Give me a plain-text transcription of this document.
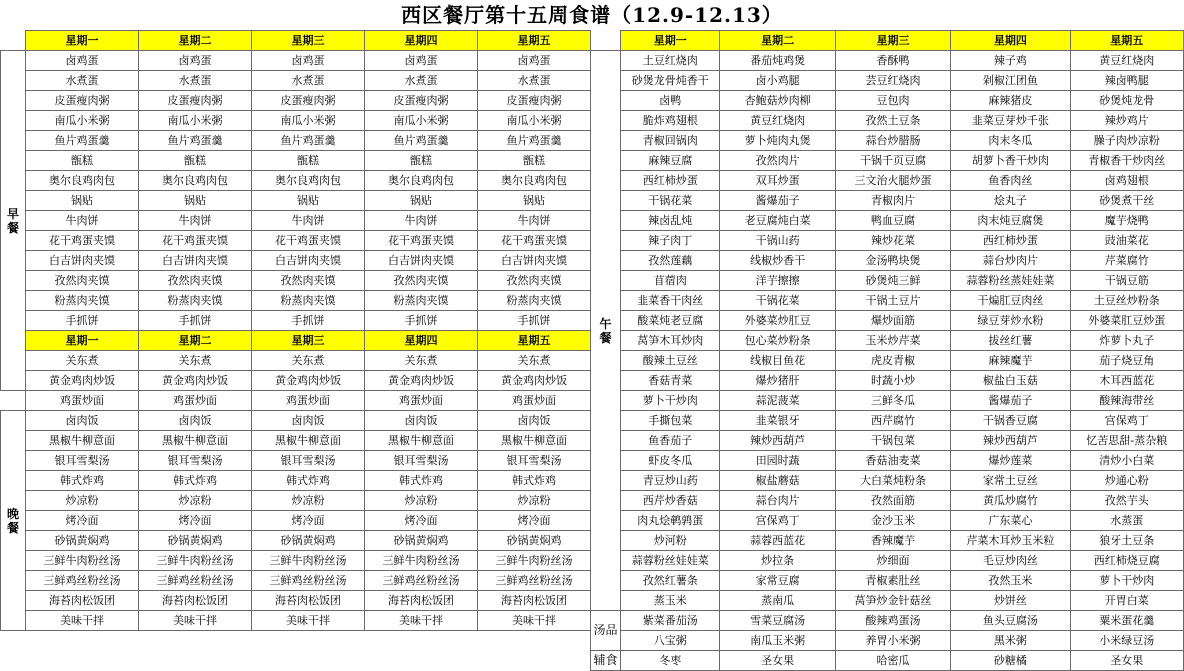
西区餐厅第十五周食谱（12.9-12.13）
	星期一	星期二	星期三	星期四	星期五

早餐	卤鸡蛋	卤鸡蛋	卤鸡蛋	卤鸡蛋	卤鸡蛋
	水煮蛋	水煮蛋	水煮蛋	水煮蛋	水煮蛋
	皮蛋瘦肉粥	皮蛋瘦肉粥	皮蛋瘦肉粥	皮蛋瘦肉粥	皮蛋瘦肉粥
	南瓜小米粥	南瓜小米粥	南瓜小米粥	南瓜小米粥	南瓜小米粥
	鱼片鸡蛋羹	鱼片鸡蛋羹	鱼片鸡蛋羹	鱼片鸡蛋羹	鱼片鸡蛋羹
	甑糕	甑糕	甑糕	甑糕	甑糕
	奥尔良鸡肉包	奥尔良鸡肉包	奥尔良鸡肉包	奥尔良鸡肉包	奥尔良鸡肉包
	锅贴	锅贴	锅贴	锅贴	锅贴
	牛肉饼	牛肉饼	牛肉饼	牛肉饼	牛肉饼
	花干鸡蛋夹馍	花干鸡蛋夹馍	花干鸡蛋夹馍	花干鸡蛋夹馍	花干鸡蛋夹馍
	白吉饼肉夹馍	白吉饼肉夹馍	白吉饼肉夹馍	白吉饼肉夹馍	白吉饼肉夹馍
	孜然肉夹馍	孜然肉夹馍	孜然肉夹馍	孜然肉夹馍	孜然肉夹馍
	粉蒸肉夹馍	粉蒸肉夹馍	粉蒸肉夹馍	粉蒸肉夹馍	粉蒸肉夹馍
	手抓饼	手抓饼	手抓饼	手抓饼	手抓饼
	星期一	星期二	星期三	星期四	星期五
	关东煮	关东煮	关东煮	关东煮	关东煮
	黄金鸡肉炒饭	黄金鸡肉炒饭	黄金鸡肉炒饭	黄金鸡肉炒饭	黄金鸡肉炒饭
	鸡蛋炒面	鸡蛋炒面	鸡蛋炒面	鸡蛋炒面	鸡蛋炒面

晚餐	卤肉饭	卤肉饭	卤肉饭	卤肉饭	卤肉饭
	黑椒牛柳意面	黑椒牛柳意面	黑椒牛柳意面	黑椒牛柳意面	黑椒牛柳意面
	银耳雪梨汤	银耳雪梨汤	银耳雪梨汤	银耳雪梨汤	银耳雪梨汤
	韩式炸鸡	韩式炸鸡	韩式炸鸡	韩式炸鸡	韩式炸鸡
	炒凉粉	炒凉粉	炒凉粉	炒凉粉	炒凉粉
	烤冷面	烤冷面	烤冷面	烤冷面	烤冷面
	砂锅黄焖鸡	砂锅黄焖鸡	砂锅黄焖鸡	砂锅黄焖鸡	砂锅黄焖鸡
	三鲜牛肉粉丝汤	三鲜牛肉粉丝汤	三鲜牛肉粉丝汤	三鲜牛肉粉丝汤	三鲜牛肉粉丝汤
	三鲜鸡丝粉丝汤	三鲜鸡丝粉丝汤	三鲜鸡丝粉丝汤	三鲜鸡丝粉丝汤	三鲜鸡丝粉丝汤
	海苔肉松饭团	海苔肉松饭团	海苔肉松饭团	海苔肉松饭团	海苔肉松饭团
	美味干拌	美味干拌	美味干拌	美味干拌	美味干拌
	星期一	星期二	星期三	星期四	星期五

午餐	土豆红烧肉	番茄炖鸡煲	香酥鸭	辣子鸡	黄豆红烧肉
	砂煲龙骨炖香干	卤小鸡腿	芸豆红烧肉	剁椒江团鱼	辣卤鸭腿
	卤鸭	杏鲍菇炒肉柳	豆包肉	麻辣猪皮	砂煲炖龙骨
	脆炸鸡翅根	黄豆红烧肉	孜然土豆条	韭菜豆芽炒千张	辣炒鸡片
	青椒回锅肉	萝卜炖肉丸煲	蒜台炒腊肠	肉末冬瓜	臊子肉炒凉粉
	麻辣豆腐	孜然肉片	干锅千页豆腐	胡萝卜香干炒肉	青椒香干炒肉丝
	西红柿炒蛋	双耳炒蛋	三文治火腿炒蛋	鱼香肉丝	卤鸡翅根
	干锅花菜	酱爆茄子	青椒肉片	烩丸子	砂煲煮干丝
	辣卤乱炖	老豆腐炖白菜	鸭血豆腐	肉末炖豆腐煲	魔芋烧鸭
	辣子肉丁	干锅山药	辣炒花菜	西红柿炒蛋	豉油菜花
	孜然莲藕	线椒炒香干	金汤鸭块煲	蒜台炒肉片	芹菜腐竹
	苜蓿肉	洋芋擦擦	砂煲炖三鲜	蒜蓉粉丝蒸娃娃菜	干锅豆筋
	韭菜香干肉丝	干锅花菜	干锅土豆片	干煸肛豆肉丝	土豆丝炒粉条
	酸菜炖老豆腐	外婆菜炒肛豆	爆炒面筋	绿豆芽炒水粉	外婆菜肛豆炒蛋
	莴笋木耳炒肉	包心菜炒粉条	玉米炒芹菜	拔丝红薯	炸萝卜丸子
	酸辣土豆丝	线椒目鱼花	虎皮青椒	麻辣魔芋	茄子烧豆角
	香菇青菜	爆炒猪肝	时蔬小炒	椒盐白玉菇	木耳西蓝花
	萝卜干炒肉	蒜泥菠菜	三鲜冬瓜	酱爆茄子	酸辣海带丝
	手撕包菜	韭菜银牙	西芹腐竹	干锅香豆腐	宫保鸡丁
	鱼香茄子	辣炒西葫芦	干锅包菜	辣炒西葫芦	忆苦思甜-蒸杂粮
	虾皮冬瓜	田园时蔬	香菇油麦菜	爆炒莲菜	清炒小白菜
	青豆炒山药	椒盐蘑菇	大白菜炖粉条	家常土豆丝	炒通心粉
	西芹炒香菇	蒜台肉片	孜然面筋	黄瓜炒腐竹	孜然芋头
	肉丸烩鹌鹑蛋	宫保鸡丁	金沙玉米	广东菜心	水蒸蛋
	炒河粉	蒜蓉西蓝花	香辣魔芋	芹菜木耳炒玉米粒	狼牙土豆条
	蒜蓉粉丝娃娃菜	炒拉条	炒细面	毛豆炒肉丝	西红柿烧豆腐
	孜然红薯条	家常豆腐	青椒素肚丝	孜然玉米	萝卜干炒肉
	蒸玉米	蒸南瓜	莴笋炒金针菇丝	炒饼丝	开胃白菜
汤品	紫菜番茄汤	雪菜豆腐汤	酸辣鸡蛋汤	鱼头豆腐汤	粟米蛋花羹
	八宝粥	南瓜玉米粥	养胃小米粥	黑米粥	小米绿豆汤
辅食	冬枣	圣女果	哈密瓜	砂糖橘	圣女果
